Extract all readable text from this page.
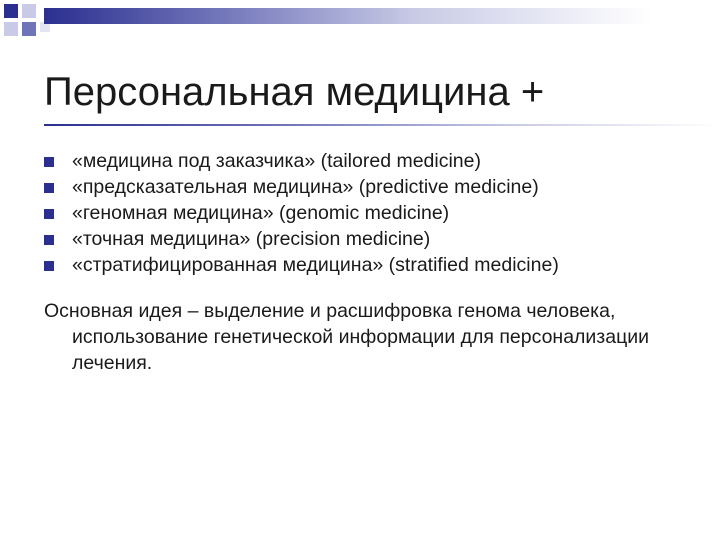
Персональная медицина +
«медицина под заказчика» (tailored medicine)
«предсказательная медицина» (predictive medicine)
«геномная медицина» (genomic medicine)
«точная медицина» (precision medicine)
«стратифицированная медицина» (stratified medicine)

Основная идея – выделение и расшифровка генома человека, использование генетической информации для персонализации лечения.
